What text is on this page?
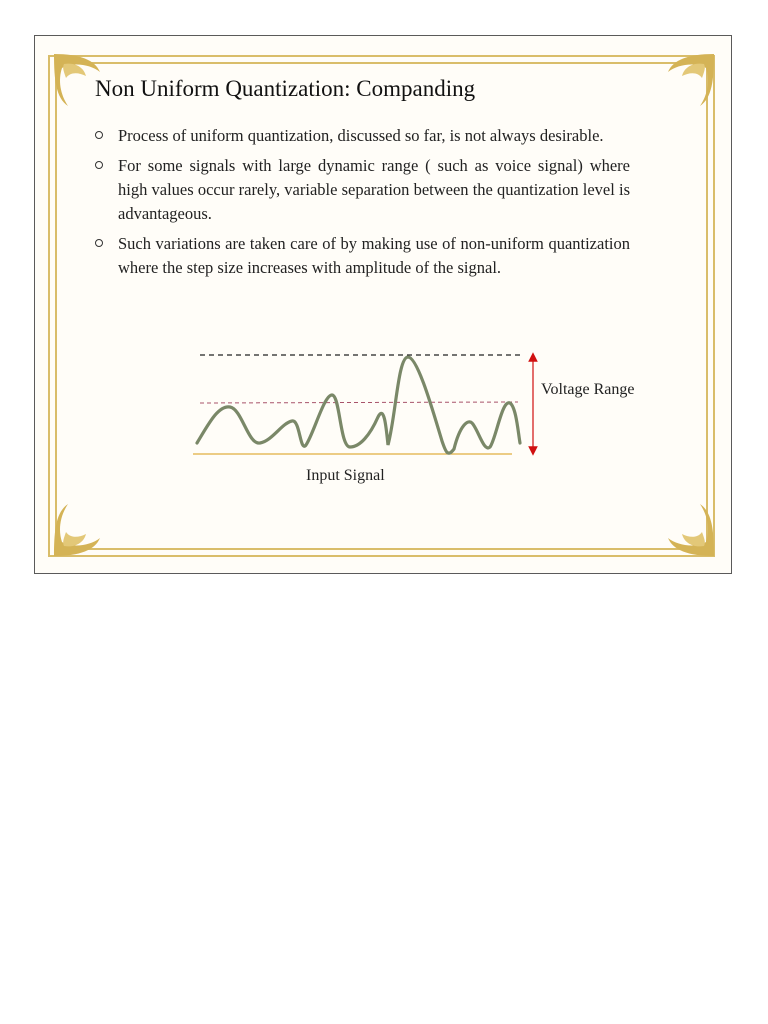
Non Uniform Quantization: Companding
Process of uniform quantization, discussed so far, is not always desirable.
For some signals with large dynamic range ( such as voice signal) where high values occur rarely, variable separation between the quantization level is advantageous.
Such variations are taken care of by making use of non-uniform quantization where the step size increases with amplitude of the signal.
Voltage Range
Input Signal
